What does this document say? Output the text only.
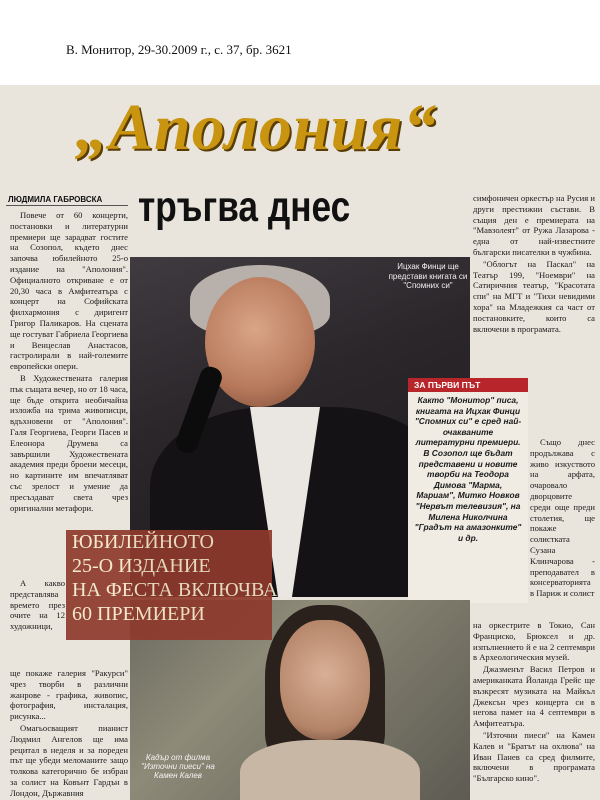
В. Монитор, 29-30.2009 г., с. 37, бр. 3621
„Аполония“
тръгва днес
ЛЮДМИЛА ГАБРОВСКА

Повече от 60 концерти, постановки и литературни премиери ще зарадват гостите на Созопол, където днес започва юбилейното 25-о издание на "Аполония". Официалното откриване е от 20,30 часа в Амфитеатъра с концерт на Софийската филхармония с диригент Григор Паликаров. На сцената ще гостуват Габриела Георгиева и Венцеслав Анастасов, гастролирали в най-големите европейски опери.

В Художествената галерия пък същата вечер, но от 18 часа, ще бъде открита необичайна изложба на трима живописци, вдъхновени от "Аполония". Галя Георгиева, Георги Пасев и Елеонора Друмева са завършили Художествената академия преди броени месеци, но картините им впечатляват със зрелост и умение да пресъздават света чрез оригинални метафори.

А какво представлява времето през очите на 12 художници,

ще покаже галерия "Ракурси" чрез творби в различни жанрове - графика, живопис, фотография, инсталация, рисунка...

Омагьосващият пианист Людмил Ангелов ще има рецитал в неделя и за пореден път ще убеди меломаните защо толкова категорично бе избран за солист на Ковънт Гардън в Лондон, Държавния

Ицхак Финци ще представи книгата си "Спомних си"
ЗА ПЪРВИ ПЪТ
Както "Монитор" писа, книгата на Ицхак Финци "Спомних си" е сред най-очакваните литературни премиери. В Созопол ще бъдат представени и новите творби на Теодора Димова "Марма, Мариам", Митко Новков "Нервът телевизия", на Милена Николчина "Градът на амазонките" и др.
Кадър от филма "Източни пиеси" на Камен Калев
ЮБИЛЕЙНОТО
25-О ИЗДАНИЕ
НА ФЕСТА ВКЛЮЧВА
60 ПРЕМИЕРИ

симфоничен оркестър на Русия и други престижни състави. В същия ден е премиерата на "Мавзолеят" от Ружа Лазарова - една от най-известните български писателки в чужбина.

"Облогът на Паскал" на Театър 199, "Ноември" на Сатиричния театър, "Красотата спи" на МГТ и "Тихи невидими хора" на Младежкия са част от постановките, които са включени в програмата.

Също днес продължава с живо изкуството на арфата, очаровало дворцовите среди още преди столетия, ще покаже солистката Сузана Клинчарова - преподавател в консерваторията в Париж и солист

на оркестрите в Токио, Сан Франциско, Брюксел и др. изпълнението й е на 2 септември в Археологическия музей.

Джазменът Васил Петров и американката Йоланда Грейс ще възкресят музиката на Майкъл Джексън чрез концерта си в негова памет на 4 септември в Амфитеатъра.

"Източни пиеси" на Камен Калев и "Братът на охлюва" на Иван Панев са сред филмите, включени в програмата "Българско кино".
